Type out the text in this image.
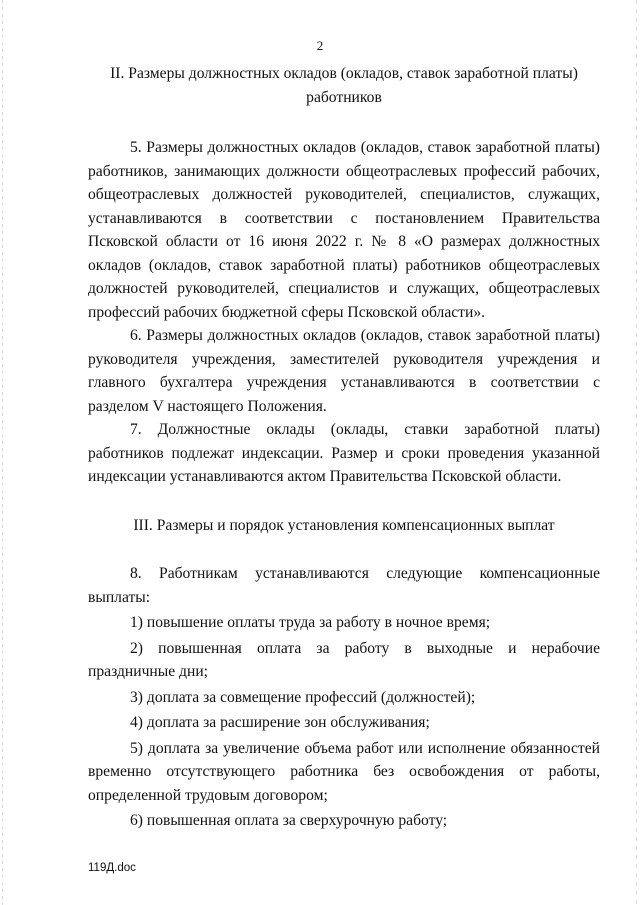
2

II. Размеры должностных окладов (окладов, ставок заработной платы) работников

5. Размеры должностных окладов (окладов, ставок заработной платы) работников, занимающих должности общеотраслевых профессий рабочих, общеотраслевых должностей руководителей, специалистов, служащих, устанавливаются в соответствии с постановлением Правительства Псковской области от 16 июня 2022 г. № 8 «О размерах должностных окладов (окладов, ставок заработной платы) работников общеотраслевых должностей руководителей, специалистов и служащих, общеотраслевых профессий рабочих бюджетной сферы Псковской области».

6. Размеры должностных окладов (окладов, ставок заработной платы) руководителя учреждения, заместителей руководителя учреждения и главного бухгалтера учреждения устанавливаются в соответствии с разделом V настоящего Положения.

7. Должностные оклады (оклады, ставки заработной платы) работников подлежат индексации. Размер и сроки проведения указанной индексации устанавливаются актом Правительства Псковской области.

III. Размеры и порядок установления компенсационных выплат

8. Работникам устанавливаются следующие компенсационные выплаты:

1) повышение оплаты труда за работу в ночное время;

2) повышенная оплата за работу в выходные и нерабочие праздничные дни;

3) доплата за совмещение профессий (должностей);

4) доплата за расширение зон обслуживания;

5) доплата за увеличение объема работ или исполнение обязанностей временно отсутствующего работника без освобождения от работы, определенной трудовым договором;

6) повышенная оплата за сверхурочную работу;

119Д.doc
